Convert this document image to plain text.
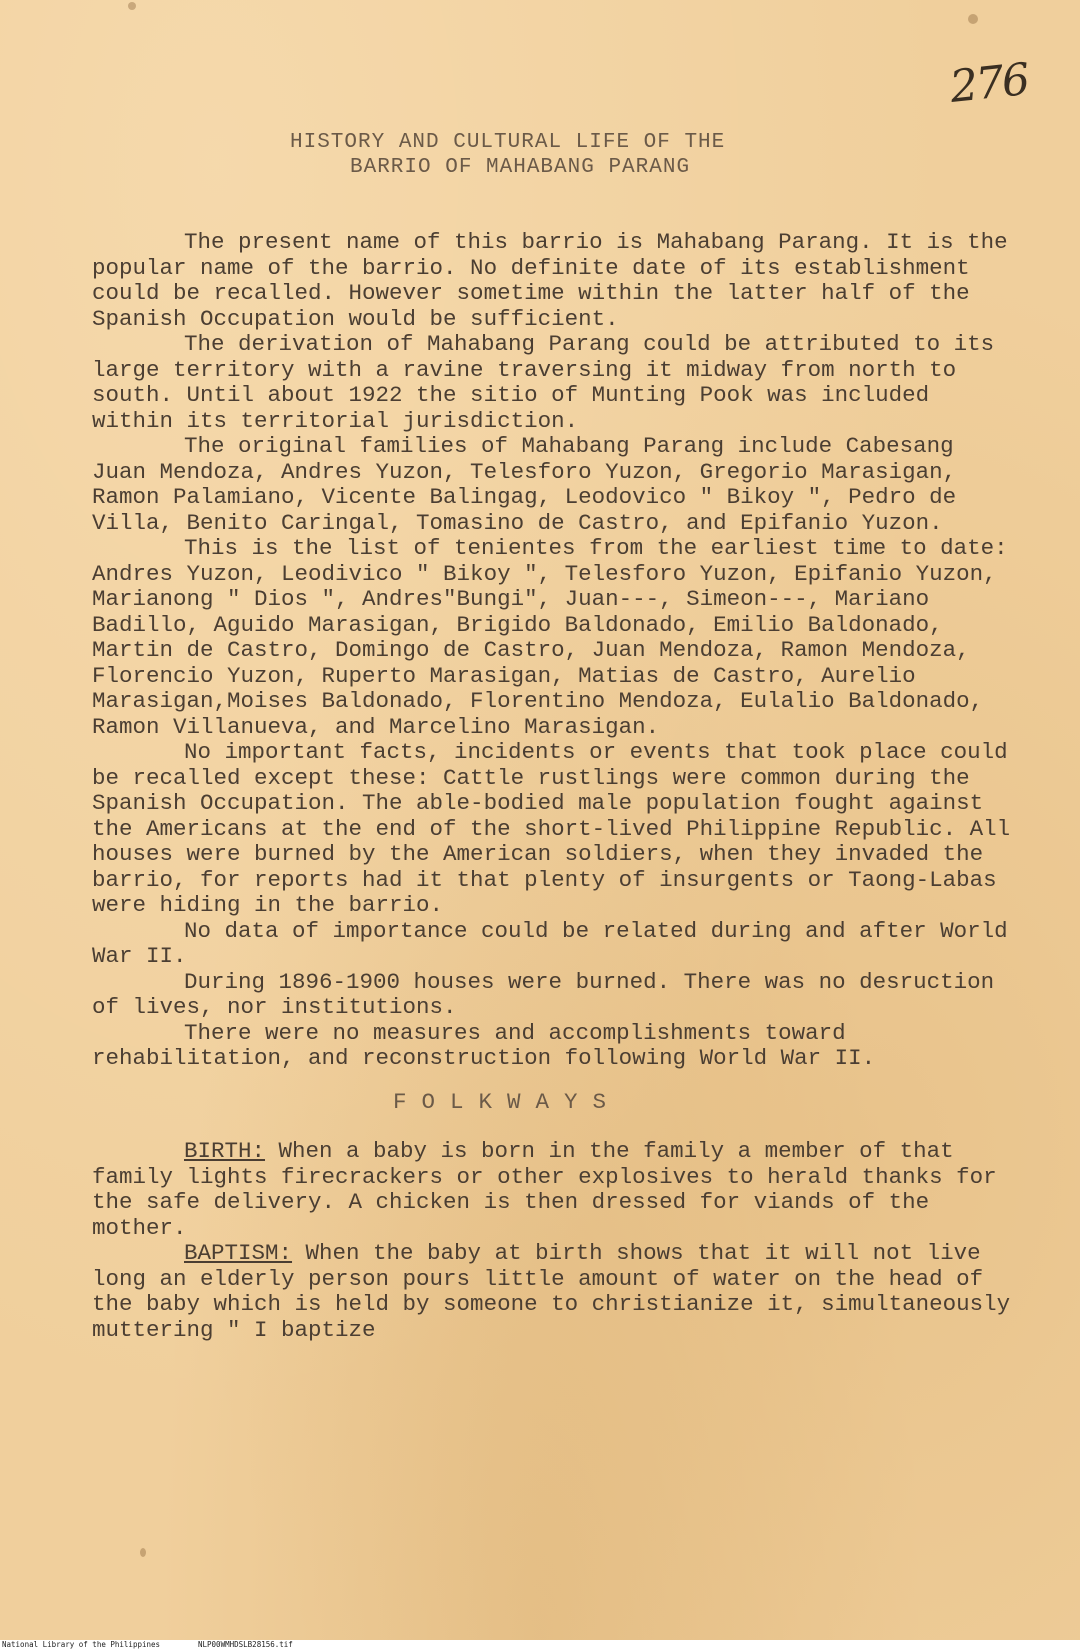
276
HISTORY AND CULTURAL LIFE OF THE
BARRIO OF MAHABANG PARANG

The present name of this barrio is Mahabang Parang. It is the popular name of the barrio. No definite date of its establishment could be recalled. However sometime within the latter half of the Spanish Occupation would be sufficient.

The derivation of Mahabang Parang could be attributed to its large territory with a ravine traversing it midway from north to south. Until about 1922 the sitio of Munting Pook was included within its territorial jurisdiction.

The original families of Mahabang Parang include Cabesang Juan Mendoza, Andres Yuzon, Telesforo Yuzon, Gregorio Marasigan, Ramon Palamiano, Vicente Balingag, Leodovico " Bikoy ", Pedro de Villa, Benito Caringal, Tomasino de Castro, and Epifanio Yuzon.

This is the list of tenientes from the earliest time to date: Andres Yuzon, Leodivico " Bikoy ", Telesforo Yuzon, Epifanio Yuzon, Marianong " Dios ", Andres"Bungi", Juan---, Simeon---, Mariano Badillo, Aguido Marasigan, Brigido Baldonado, Emilio Baldonado, Martin de Castro, Domingo de Castro, Juan Mendoza, Ramon Mendoza, Florencio Yuzon, Ruperto Marasigan, Matias de Castro, Aurelio Marasigan,Moises Baldonado, Florentino Mendoza, Eulalio Baldonado, Ramon Villanueva, and Marcelino Marasigan.

No important facts, incidents or events that took place could be recalled except these: Cattle rustlings were common during the Spanish Occupation. The able-bodied male population fought against the Americans at the end of the short-lived Philippine Republic. All houses were burned by the American soldiers, when they invaded the barrio, for reports had it that plenty of insurgents or Taong-Labas were hiding in the barrio.

No data of importance could be related during and after World War II.

During 1896-1900 houses were burned. There was no desruction of lives, nor institutions.

There were no measures and accomplishments toward rehabilitation, and reconstruction following World War II.

FOLKWAYS

BIRTH: When a baby is born in the family a member of that family lights firecrackers or other explosives to herald thanks for the safe delivery. A chicken is then dressed for viands of the mother.

BAPTISM: When the baby at birth shows that it will not live long an elderly person pours little amount of water on the head of the baby which is held by someone to christianize it, simultaneously muttering " I baptize

National Library of the Philippines	NLP00WMHDSLB28156.tif
